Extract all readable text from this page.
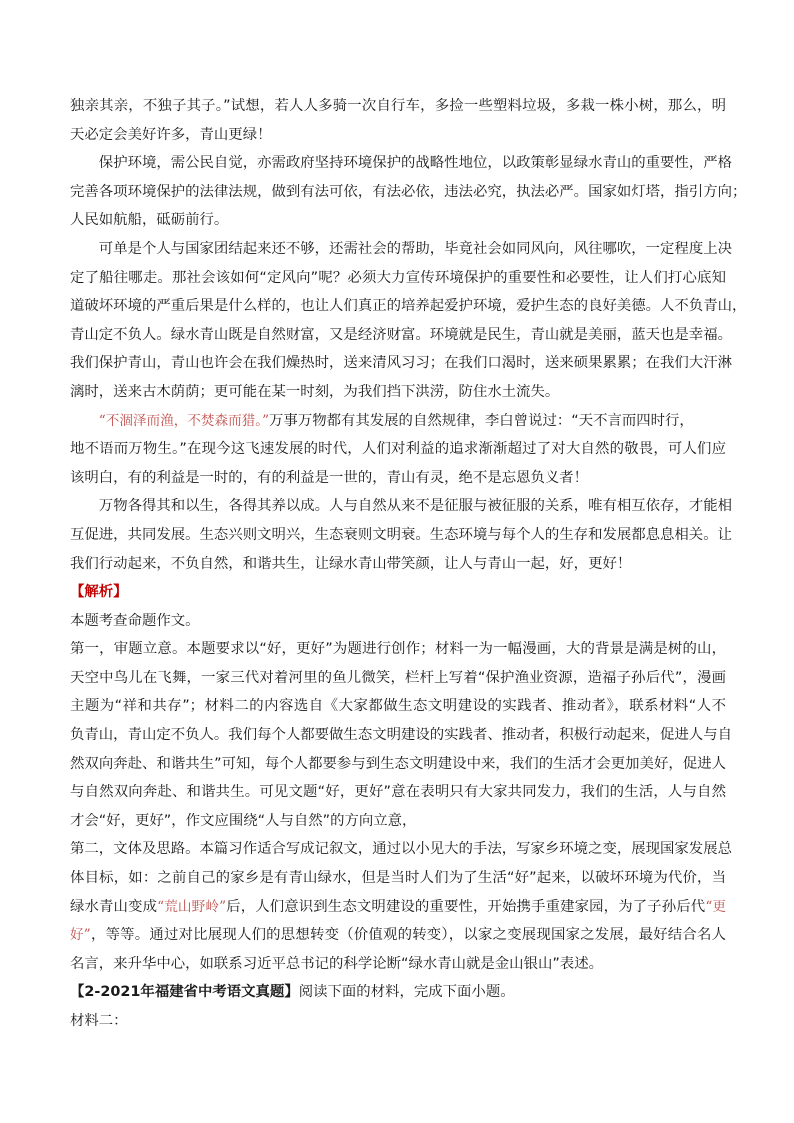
独亲其亲，不独子其子。”试想，若人人多骑一次自行车，多捡一些塑料垃圾，多栽一株小树，那么，明
天必定会美好许多，青山更绿！
保护环境，需公民自觉，亦需政府坚持环境保护的战略性地位，以政策彰显绿水青山的重要性，严格
完善各项环境保护的法律法规，做到有法可依，有法必依，违法必究，执法必严。国家如灯塔，指引方向；
人民如航船，砥砺前行。
可单是个人与国家团结起来还不够，还需社会的帮助，毕竟社会如同风向，风往哪吹，一定程度上决
定了船往哪走。那社会该如何“定风向”呢？必须大力宣传环境保护的重要性和必要性，让人们打心底知
道破坏环境的严重后果是什么样的，也让人们真正的培养起爱护环境，爱护生态的良好美德。人不负青山，
青山定不负人。绿水青山既是自然财富，又是经济财富。环境就是民生，青山就是美丽，蓝天也是幸福。
我们保护青山，青山也许会在我们燥热时，送来清风习习；在我们口渴时，送来硕果累累；在我们大汗淋
漓时，送来古木荫荫；更可能在某一时刻，为我们挡下洪涝，防住水土流失。
“不涸泽而渔，不焚森而猎。”万事万物都有其发展的自然规律，李白曾说过：“天不言而四时行，
地不语而万物生。”在现今这飞速发展的时代，人们对利益的追求渐渐超过了对大自然的敬畏，可人们应
该明白，有的利益是一时的，有的利益是一世的，青山有灵，绝不是忘恩负义者！
万物各得其和以生，各得其养以成。人与自然从来不是征服与被征服的关系，唯有相互依存，才能相
互促进，共同发展。生态兴则文明兴，生态衰则文明衰。生态环境与每个人的生存和发展都息息相关。让
我们行动起来，不负自然，和谐共生，让绿水青山带笑颜，让人与青山一起，好，更好！
【解析】
本题考查命题作文。
第一，审题立意。本题要求以“好，更好”为题进行创作；材料一为一幅漫画，大的背景是满是树的山，
天空中鸟儿在飞舞，一家三代对着河里的鱼儿微笑，栏杆上写着“保护渔业资源，造福子孙后代”，漫画
主题为“祥和共存”；材料二的内容选自《大家都做生态文明建设的实践者、推动者》，联系材料“人不
负青山，青山定不负人。我们每个人都要做生态文明建设的实践者、推动者，积极行动起来，促进人与自
然双向奔赴、和谐共生”可知，每个人都要参与到生态文明建设中来，我们的生活才会更加美好，促进人
与自然双向奔赴、和谐共生。可见文题“好，更好”意在表明只有大家共同发力，我们的生活，人与自然
才会“好，更好”，作文应围绕“人与自然”的方向立意，
第二，文体及思路。本篇习作适合写成记叙文，通过以小见大的手法，写家乡环境之变，展现国家发展总
体目标，如：之前自己的家乡是有青山绿水，但是当时人们为了生活“好”起来，以破坏环境为代价，当
绿水青山变成“荒山野岭”后，人们意识到生态文明建设的重要性，开始携手重建家园，为了子孙后代“更
好”，等等。通过对比展现人们的思想转变（价值观的转变），以家之变展现国家之发展，最好结合名人
名言，来升华中心，如联系习近平总书记的科学论断“绿水青山就是金山银山”表述。
【2-2021年福建省中考语文真题】阅读下面的材料，完成下面小题。
材料二：
